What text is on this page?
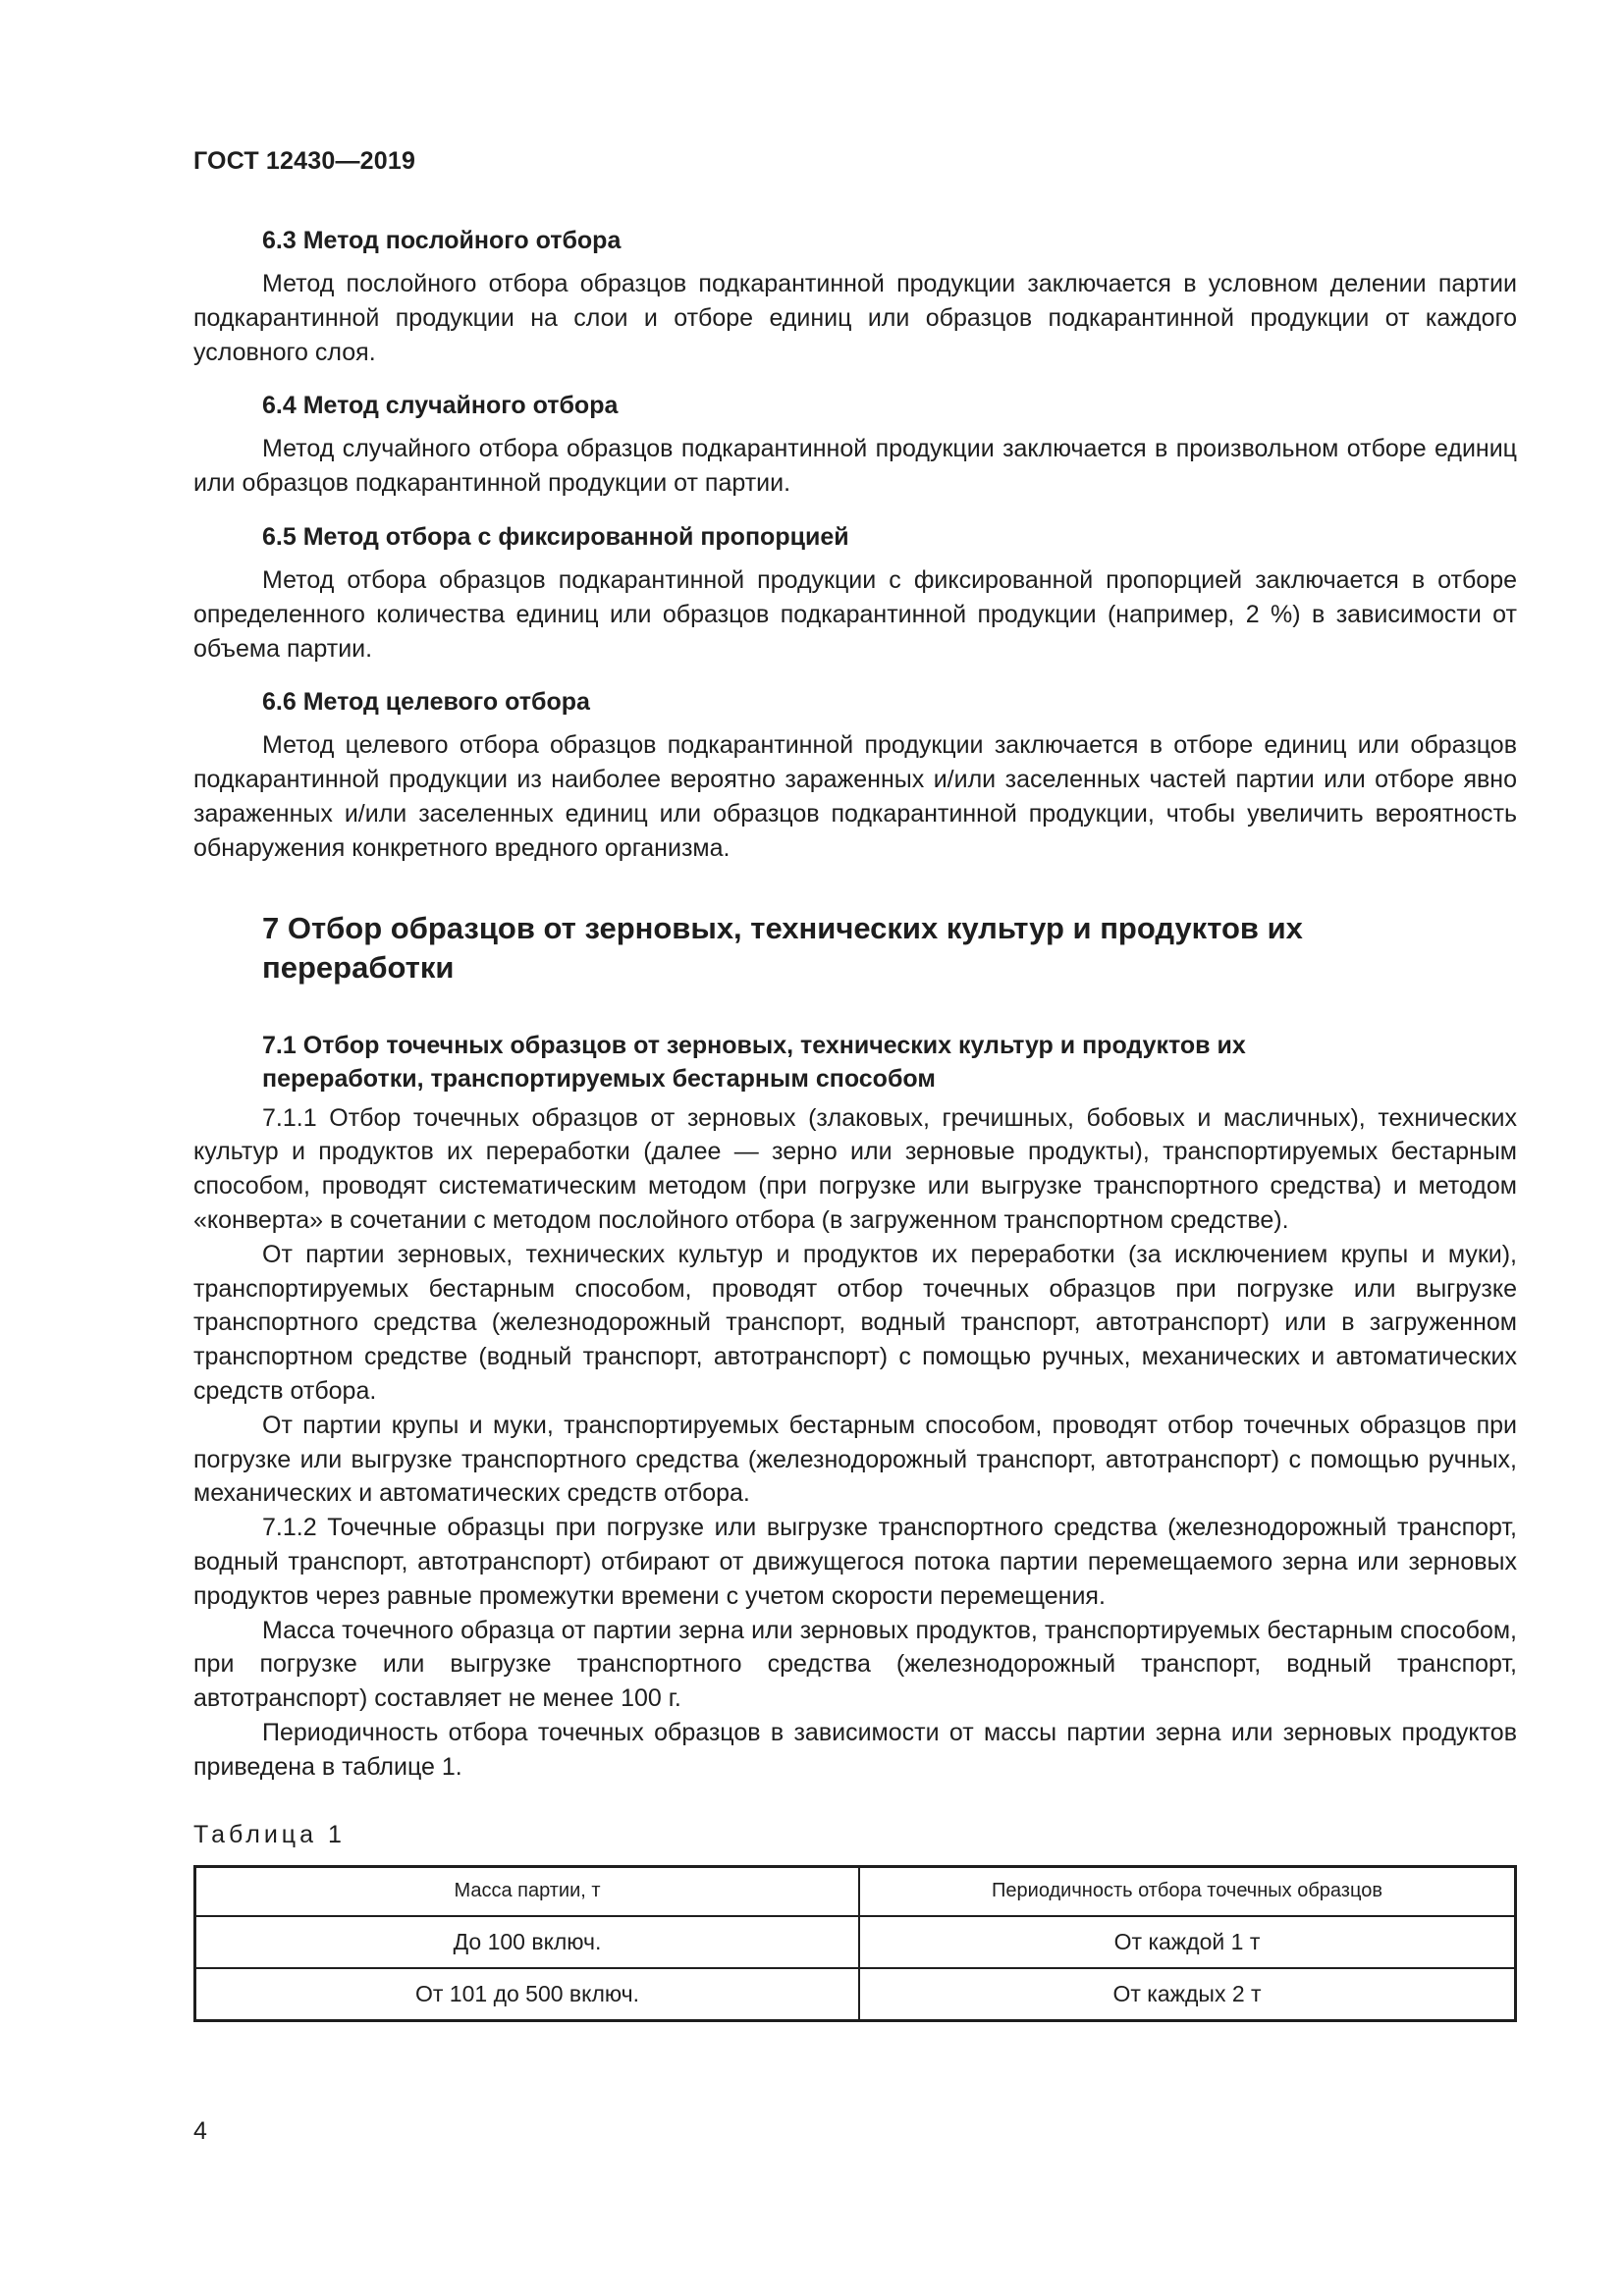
ГОСТ 12430—2019
6.3 Метод послойного отбора

Метод послойного отбора образцов подкарантинной продукции заключается в условном делении партии подкарантинной продукции на слои и отборе единиц или образцов подкарантинной продукции от каждого условного слоя.

6.4 Метод случайного отбора

Метод случайного отбора образцов подкарантинной продукции заключается в произвольном отборе единиц или образцов подкарантинной продукции от партии.

6.5 Метод отбора с фиксированной пропорцией

Метод отбора образцов подкарантинной продукции с фиксированной пропорцией заключается в отборе определенного количества единиц или образцов подкарантинной продукции (например, 2 %) в зависимости от объема партии.

6.6 Метод целевого отбора

Метод целевого отбора образцов подкарантинной продукции заключается в отборе единиц или образцов подкарантинной продукции из наиболее вероятно зараженных и/или заселенных частей партии или отборе явно зараженных и/или заселенных единиц или образцов подкарантинной продукции, чтобы увеличить вероятность обнаружения конкретного вредного организма.

7 Отбор образцов от зерновых, технических культур и продуктов их переработки
7.1 Отбор точечных образцов от зерновых, технических культур и продуктов их переработки, транспортируемых бестарным способом

7.1.1 Отбор точечных образцов от зерновых (злаковых, гречишных, бобовых и масличных), технических культур и продуктов их переработки (далее — зерно или зерновые продукты), транспортируемых бестарным способом, проводят систематическим методом (при погрузке или выгрузке транспортного средства) и методом «конверта» в сочетании с методом послойного отбора (в загруженном транспортном средстве).

От партии зерновых, технических культур и продуктов их переработки (за исключением крупы и муки), транспортируемых бестарным способом, проводят отбор точечных образцов при погрузке или выгрузке транспортного средства (железнодорожный транспорт, водный транспорт, автотранспорт) или в загруженном транспортном средстве (водный транспорт, автотранспорт) с помощью ручных, механических и автоматических средств отбора.

От партии крупы и муки, транспортируемых бестарным способом, проводят отбор точечных образцов при погрузке или выгрузке транспортного средства (железнодорожный транспорт, автотранспорт) с помощью ручных, механических и автоматических средств отбора.

7.1.2 Точечные образцы при погрузке или выгрузке транспортного средства (железнодорожный транспорт, водный транспорт, автотранспорт) отбирают от движущегося потока партии перемещаемого зерна или зерновых продуктов через равные промежутки времени с учетом скорости перемещения.

Масса точечного образца от партии зерна или зерновых продуктов, транспортируемых бестарным способом, при погрузке или выгрузке транспортного средства (железнодорожный транспорт, водный транспорт, автотранспорт) составляет не менее 100 г.

Периодичность отбора точечных образцов в зависимости от массы партии зерна или зерновых продуктов приведена в таблице 1.

Таблица 1
Масса партии, т	Периодичность отбора точечных образцов
До 100 включ.	От каждой 1 т
От 101 до 500 включ.	От каждых 2 т
4
